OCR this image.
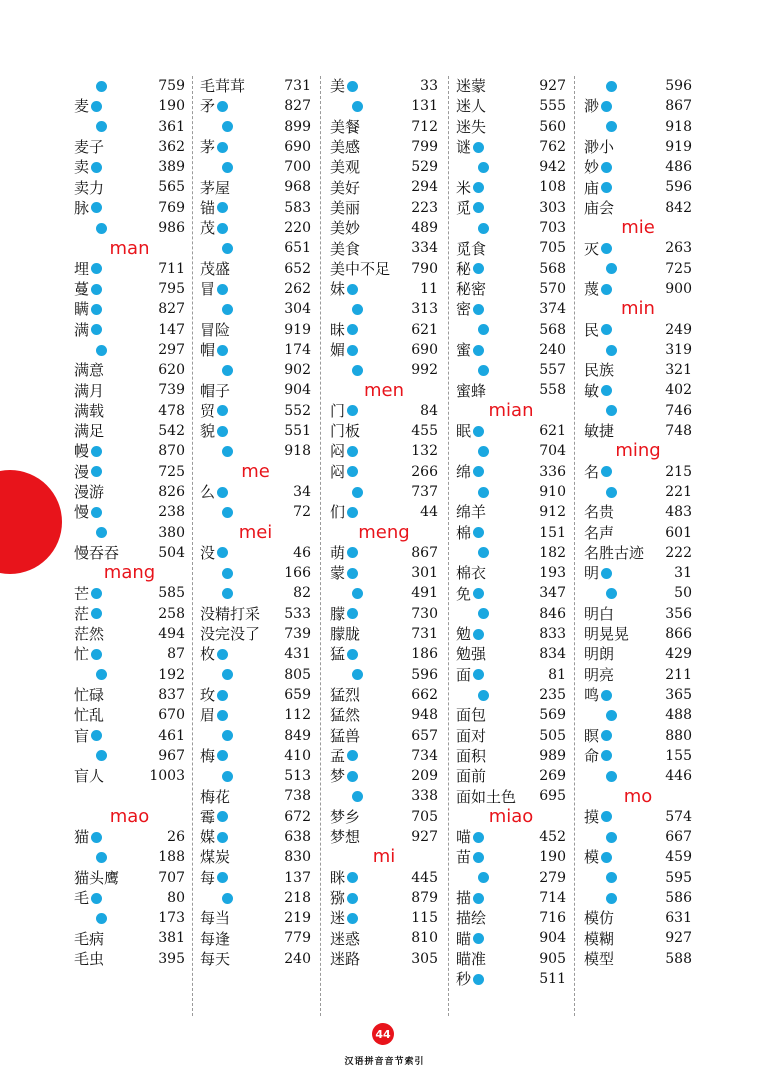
759
麦	190
361
麦子	362
卖	389
卖力	565
脉	769
986
man
埋	711
蔓	795
瞒	827
满	147
297
满意	620
满月	739
满载	478
满足	542
幔	870
漫	725
漫游	826
慢	238
380
慢吞吞	504
mang
芒	585
茫	258
茫然	494
忙	87
192
忙碌	837
忙乱	670
盲	461
967
盲人	1003
mao
猫	26
188
猫头鹰	707
毛	80
173
毛病	381
毛虫	395
毛茸茸	731
矛	827
899
茅	690
700
茅屋	968
锚	583
茂	220
651
茂盛	652
冒	262
304
冒险	919
帽	174
902
帽子	904
贸	552
貌	551
918
me
么	34
72
mei
没	46
166
82
没精打采 533
没完没了 739
枚	431
805
玫	659
眉	112
849
梅	410
513
梅花	738
霉	672
媒	638
煤炭	830
每	137
218
每当	219
每逢	779
每天	240
美	33
131
美餐	712
美感	799
美观	529
美好	294
美丽	223
美妙	489
美食	334
美中不足 790
妹	11
313
昧	621
媚	690
992
men
门	84
门板	455
闷	132
闷	266
737
们	44
meng
萌	867
蒙	301
491
朦	730
朦胧	731
猛	186
596
猛烈	662
猛然	948
猛兽	657
孟	734
梦	209
338
梦乡	705
梦想	927
mi
眯	445
猕	879
迷	115
迷惑	810
迷路	305
迷蒙	927
迷人	555
迷失	560
谜	762
942
米	108
觅	303
703
觅食	705
秘	568
秘密	570
密	374
568
蜜	240
557
蜜蜂	558
mian
眠	621
704
绵	336
910
绵羊	912
棉	151
182
棉衣	193
免	347
846
勉	833
勉强	834
面	81
235
面包	569
面对	505
面积	989
面前	269
面如土色 695
miao
喵	452
苗	190
279
描	714
描绘	716
瞄	904
瞄准	905
秒	511
596
渺	867
918
渺小	919
妙	486
庙	596
庙会	842
mie
灭	263
725
蔑	900
min
民	249
319
民族	321
敏	402
746
敏捷	748
ming
名	215
221
名贵	483
名声	601
名胜古迹 222
明	31
50
明白	356
明晃晃	866
明朗	429
明亮	211
鸣	365
488
瞑	880
命	155
446
mo
摸	574
667
模	459
595
586
模仿	631
模糊	927
模型	588
44
汉语拼音音节索引
